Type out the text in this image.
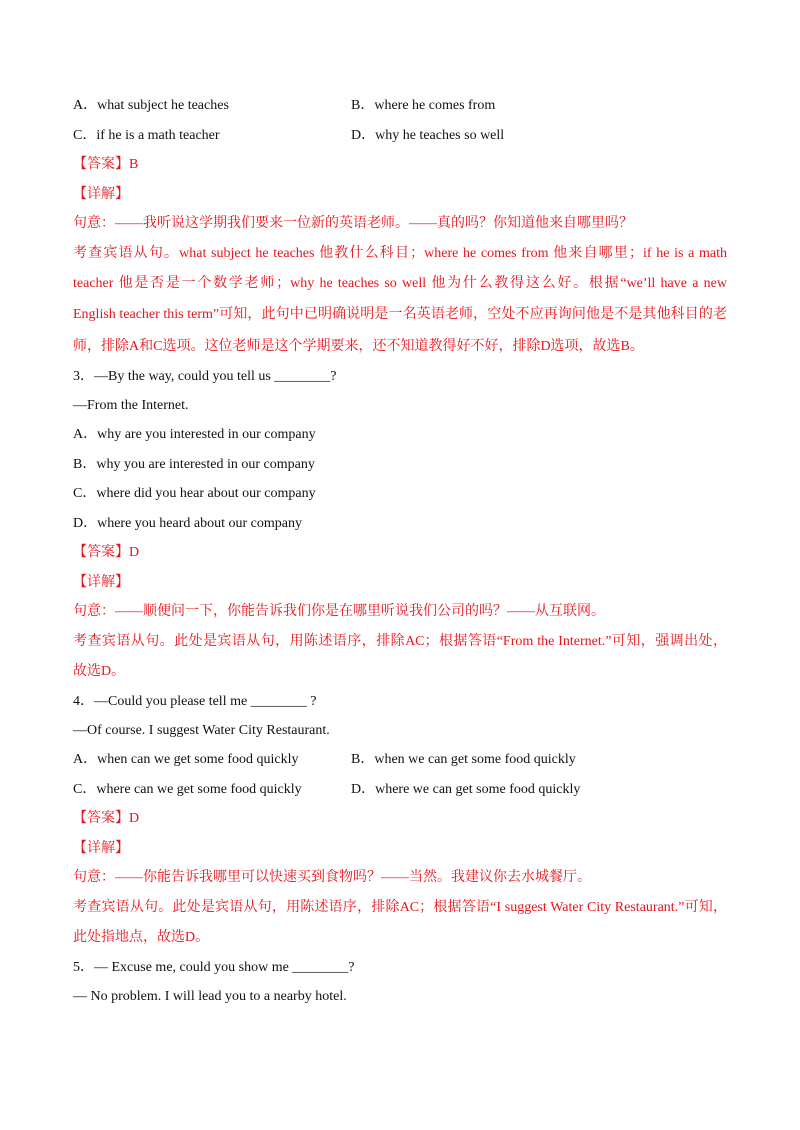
A．what subject he teaches	B．where he comes from
C．if he is a math teacher	D．why he teaches so well
【答案】B
【详解】
句意：——我听说这学期我们要来一位新的英语老师。——真的吗？你知道他来自哪里吗？
考查宾语从句。what subject he teaches 他教什么科目；where he comes from 他来自哪里；if he is a math
teacher 他是否是一个数学老师；why he teaches so well 他为什么教得这么好。根据“we’ll have a new
English teacher this term”可知，此句中已明确说明是一名英语老师，空处不应再询问他是不是其他科目的老
师，排除A和C选项。这位老师是这个学期要来，还不知道教得好不好，排除D选项，故选B。
3．—By the way, could you tell us ________?
—From the Internet.
A．why are you interested in our company
B．why you are interested in our company
C．where did you hear about our company
D．where you heard about our company
【答案】D
【详解】
句意：——顺便问一下，你能告诉我们你是在哪里听说我们公司的吗？——从互联网。
考查宾语从句。此处是宾语从句，用陈述语序，排除AC；根据答语“From the Internet.”可知，强调出处，
故选D。
4．—Could you please tell me ________ ?
—Of course. I suggest Water City Restaurant.
A．when can we get some food quickly	B．when we can get some food quickly
C．where can we get some food quickly	D．where we can get some food quickly
【答案】D
【详解】
句意：——你能告诉我哪里可以快速买到食物吗？——当然。我建议你去水城餐厅。
考查宾语从句。此处是宾语从句，用陈述语序，排除AC；根据答语“I suggest Water City Restaurant.”可知，
此处指地点，故选D。
5．— Excuse me, could you show me ________?
— No problem. I will lead you to a nearby hotel.
